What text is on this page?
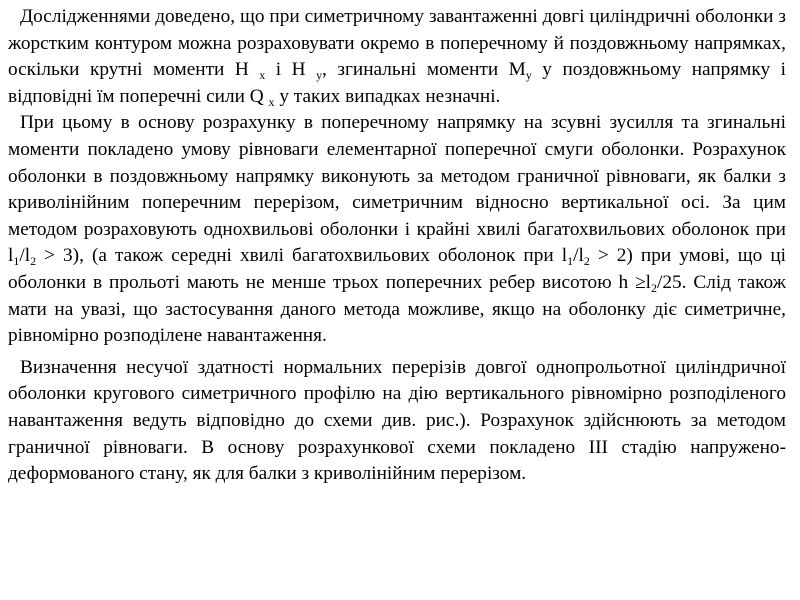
Дослідженнями доведено, що при симетричному завантаженні довгі циліндричні оболонки з жорстким контуром можна розраховувати окремо в поперечному й поздовжньому напрямках, оскільки крутні моменти H $_x$ і H $_y$, згинальні моменти $M_y$ у поздовжньому напрямку і відповідні їм поперечні сили Q $_x$ у таких випадках незначні.

При цьому в основу розрахунку в поперечному напрямку на зсувні зусилля та згинальні моменти покладено умову рівноваги елементарної поперечної смуги оболонки. Розрахунок оболонки в поздовжньому напрямку виконують за методом граничної рівноваги, як балки з криволінійним поперечним перерізом, симетричним відносно вертикальної осі. За цим методом розраховують однохвильові оболонки і крайні хвилі багатохвильових оболонок при $l_1/l_2 > 3$), (а також середні хвилі багатохвильових оболонок при $l_1/l_2 > 2$) при умові, що ці оболонки в прольоті мають не менше трьох поперечних ребер висотою $h \ge l_2/25$. Слід також мати на увазі, що застосування даного метода можливе, якщо на оболонку діє симетричне, рівномірно розподілене навантаження.

Визначення несучої здатності нормальних перерізів довгої однопрольотної циліндричної оболонки кругового симетричного профілю на дію вертикального рівномірно розподіленого навантаження ведуть відповідно до схеми див. рис.). Розрахунок здійснюють за методом граничної рівноваги. В основу розрахункової схеми покладено ІІІ стадію напружено-деформованого стану, як для балки з криволінійним перерізом.
